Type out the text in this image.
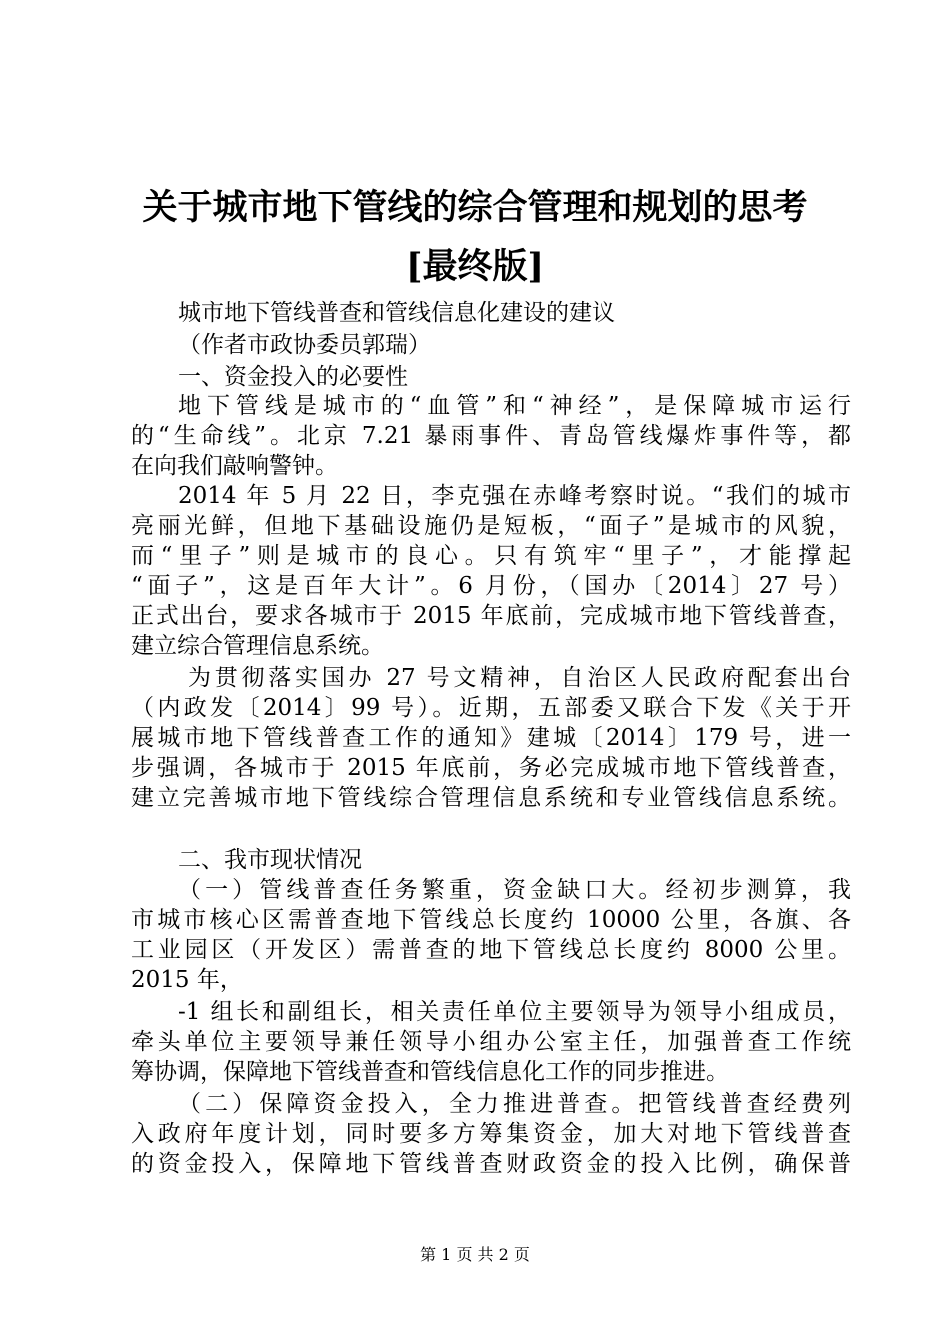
关于城市地下管线的综合管理和规划的思考
[最终版]
城市地下管线普查和管线信息化建设的建议
（作者市政协委员郭瑞）
一、资金投入的必要性
地下管线是城市的“血管”和“神经”，是保障城市运行
的“生命线”。北京 7.21 暴雨事件、青岛管线爆炸事件等，都
在向我们敲响警钟。
2014 年 5 月 22 日，李克强在赤峰考察时说。“我们的城市
亮丽光鲜，但地下基础设施仍是短板，“面子”是城市的风貌，
而“里子”则是城市的良心。只有筑牢“里子”，才能撑起
“面子”，这是百年大计”。6 月份，（国办〔2014〕27 号）
正式出台，要求各城市于 2015 年底前，完成城市地下管线普查，
建立综合管理信息系统。
为贯彻落实国办 27 号文精神，自治区人民政府配套出台
（内政发〔2014〕99 号）。近期，五部委又联合下发《关于开
展城市地下管线普查工作的通知》建城〔2014〕179 号，进一
步强调，各城市于 2015 年底前，务必完成城市地下管线普查，
建立完善城市地下管线综合管理信息系统和专业管线信息系统。
二、我市现状情况
（一）管线普查任务繁重，资金缺口大。经初步测算，我
市城市核心区需普查地下管线总长度约 10000 公里，各旗、各
工业园区（开发区）需普查的地下管线总长度约 8000 公里。
2015 年，
-1 组长和副组长，相关责任单位主要领导为领导小组成员，
牵头单位主要领导兼任领导小组办公室主任，加强普查工作统
筹协调，保障地下管线普查和管线信息化工作的同步推进。
（二）保障资金投入，全力推进普查。把管线普查经费列
入政府年度计划，同时要多方筹集资金，加大对地下管线普查
的资金投入，保障地下管线普查财政资金的投入比例，确保普
第 1 页 共 2 页
